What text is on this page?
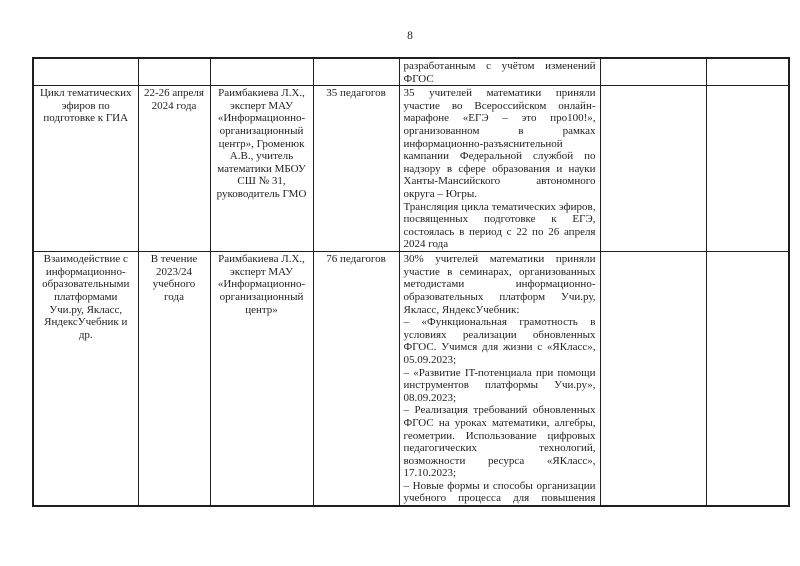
8

				разработанным с учётом изменений ФГОС		

Цикл тематических эфиров по подготовке к ГИА	22-26 апреля 2024 года	Раимбакиева Л.Х., эксперт МАУ «Информационно-организационный центр», Громенюк А.В., учитель математики МБОУ СШ № 31, руководитель ГМО	35 педагогов	35 учителей математики приняли участие во Всероссийском онлайн-марафоне «ЕГЭ – это про100!», организованном в рамках информационно-разъяснительной кампании Федеральной службой по надзору в сфере образования и науки Ханты-Мансийского автономного округа – Югры.
Трансляция цикла тематических эфиров, посвященных подготовке к ЕГЭ, состоялась в период с 22 по 26 апреля 2024 года		

Взаимодействие с информационно-образовательными платформами Учи.ру, Якласс, ЯндексУчебник и др.	В течение 2023/24 учебного года	Раимбакиева Л.Х., эксперт МАУ «Информационно-организационный центр»	76 педагогов	30% учителей математики приняли участие в семинарах, организованных методистами информационно-образовательных платформ Учи.ру, Якласс, ЯндексУчебник:
– «Функциональная грамотность в условиях реализации обновленных ФГОС. Учимся для жизни с «ЯКласс», 05.09.2023;
– «Развитие IT-потенциала при помощи инструментов платформы Учи.ру», 08.09.2023;
– Реализация требований обновленных ФГОС на уроках математики, алгебры, геометрии. Использование цифровых педагогических технологий, возможности ресурса «ЯКласс», 17.10.2023;
– Новые формы и способы организации учебного процесса для повышения		
